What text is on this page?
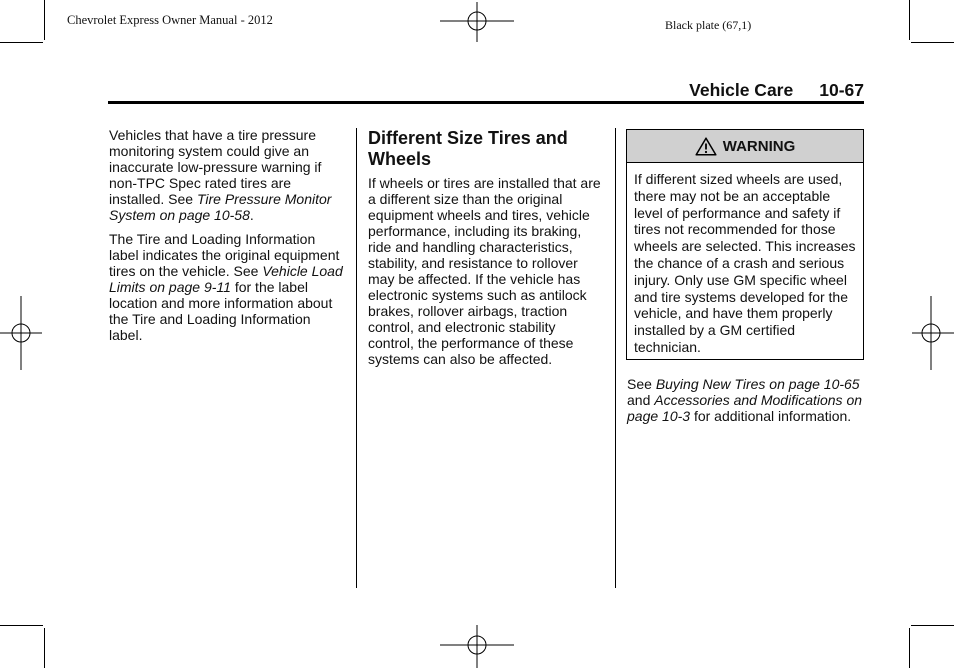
Chevrolet Express Owner Manual - 2012	Black plate (67,1)
Vehicle Care 10-67

Vehicles that have a tire pressure monitoring system could give an inaccurate low-pressure warning if non-TPC Spec rated tires are installed. See Tire Pressure Monitor System on page 10-58.

The Tire and Loading Information label indicates the original equipment tires on the vehicle. See Vehicle Load Limits on page 9-11 for the label location and more information about the Tire and Loading Information label.

Different Size Tires and Wheels

If wheels or tires are installed that are a different size than the original equipment wheels and tires, vehicle performance, including its braking, ride and handling characteristics, stability, and resistance to rollover may be affected. If the vehicle has electronic systems such as antilock brakes, rollover airbags, traction control, and electronic stability control, the performance of these systems can also be affected.

WARNING
If different sized wheels are used, there may not be an acceptable level of performance and safety if tires not recommended for those wheels are selected. This increases the chance of a crash and serious injury. Only use GM specific wheel and tire systems developed for the vehicle, and have them properly installed by a GM certified technician.

See Buying New Tires on page 10-65 and Accessories and Modifications on page 10-3 for additional information.
